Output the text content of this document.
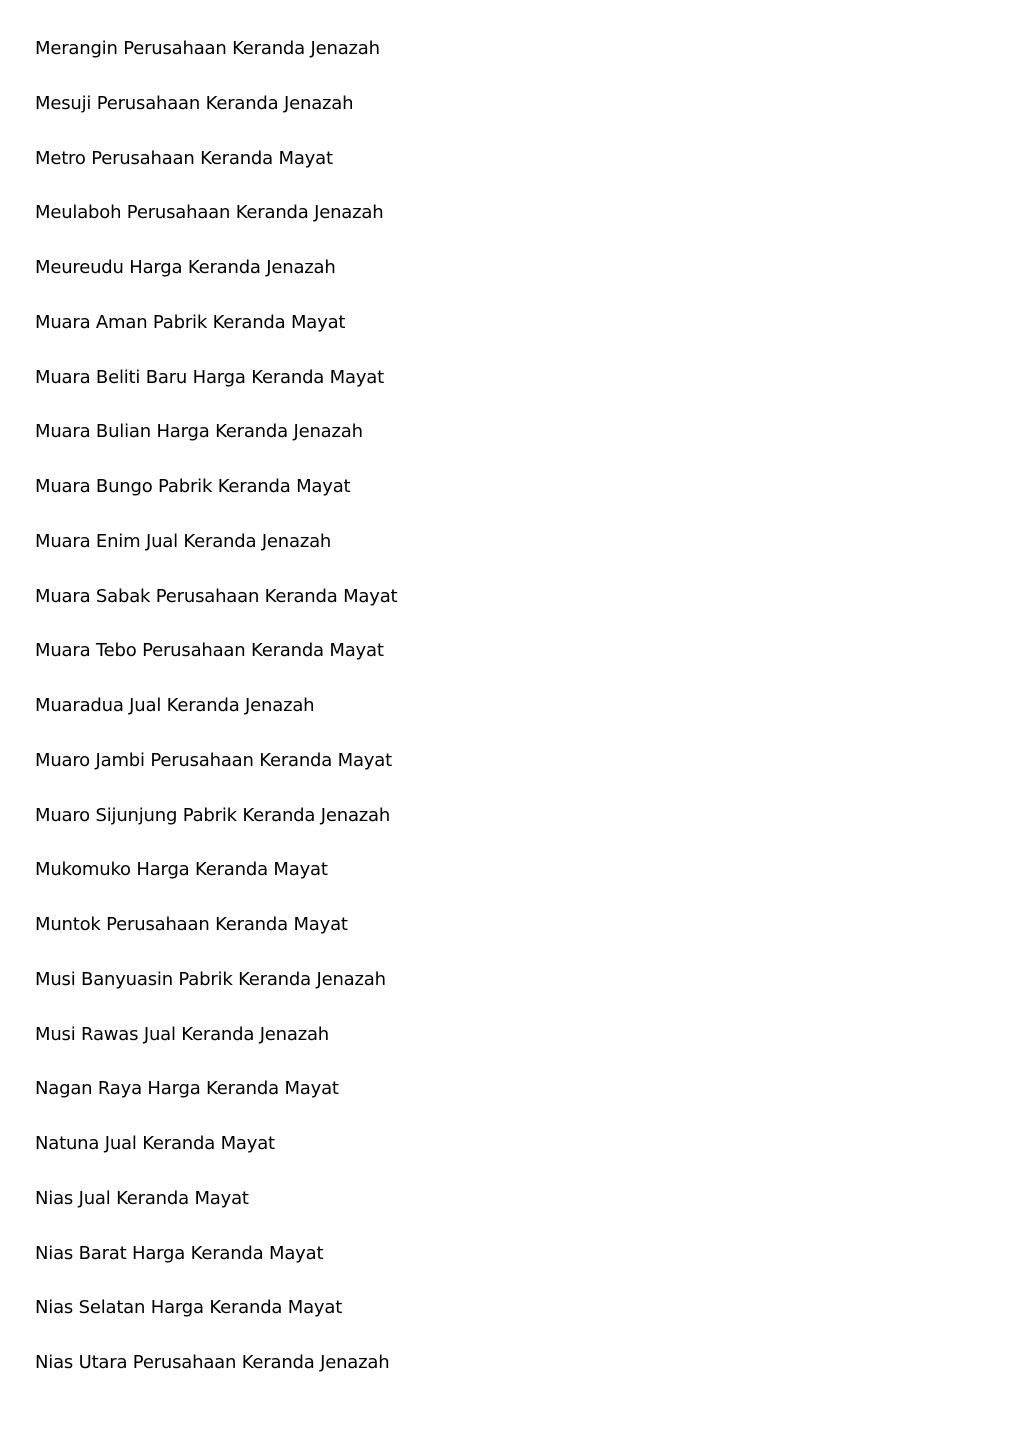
Merangin Perusahaan Keranda Jenazah
Mesuji Perusahaan Keranda Jenazah
Metro Perusahaan Keranda Mayat
Meulaboh Perusahaan Keranda Jenazah
Meureudu Harga Keranda Jenazah
Muara Aman Pabrik Keranda Mayat
Muara Beliti Baru Harga Keranda Mayat
Muara Bulian Harga Keranda Jenazah
Muara Bungo Pabrik Keranda Mayat
Muara Enim Jual Keranda Jenazah
Muara Sabak Perusahaan Keranda Mayat
Muara Tebo Perusahaan Keranda Mayat
Muaradua Jual Keranda Jenazah
Muaro Jambi Perusahaan Keranda Mayat
Muaro Sijunjung Pabrik Keranda Jenazah
Mukomuko Harga Keranda Mayat
Muntok Perusahaan Keranda Mayat
Musi Banyuasin Pabrik Keranda Jenazah
Musi Rawas Jual Keranda Jenazah
Nagan Raya Harga Keranda Mayat
Natuna Jual Keranda Mayat
Nias Jual Keranda Mayat
Nias Barat Harga Keranda Mayat
Nias Selatan Harga Keranda Mayat
Nias Utara Perusahaan Keranda Jenazah
